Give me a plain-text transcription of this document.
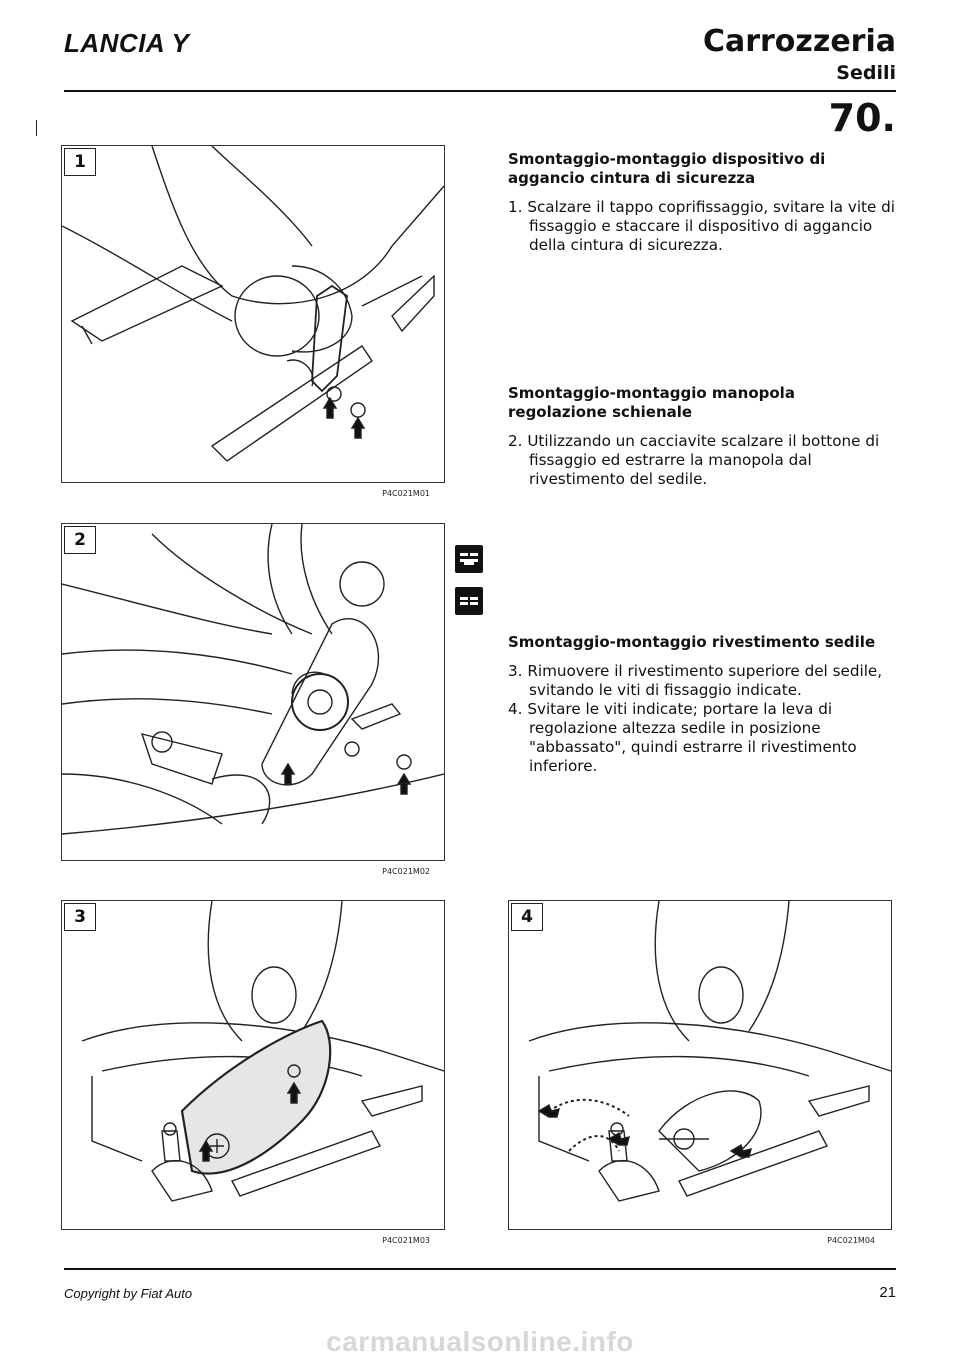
LANCIA Y	Carrozzeria
Sedili
70.
1
P4C021M01
2
P4C021M02
3
P4C021M03
4
P4C021M04
Smontaggio-montaggio dispositivo di aggancio cintura di sicurezza

1. Scalzare il tappo coprifissaggio, svitare la vite di fissaggio e staccare il dispositivo di aggancio della cintura di sicurezza.

Smontaggio-montaggio manopola regolazione schienale

2. Utilizzando un cacciavite scalzare il bottone di fissaggio ed estrarre la manopola dal rivestimento del sedile.

Smontaggio-montaggio rivestimento sedile

3. Rimuovere il rivestimento superiore del sedile, svitando le viti di fissaggio indicate.

4. Svitare le viti indicate; portare la leva di regolazione altezza sedile in posizione "abbassato", quindi estrarre il rivestimento inferiore.

Copyright by Fiat Auto	21
carmanualsonline.info
